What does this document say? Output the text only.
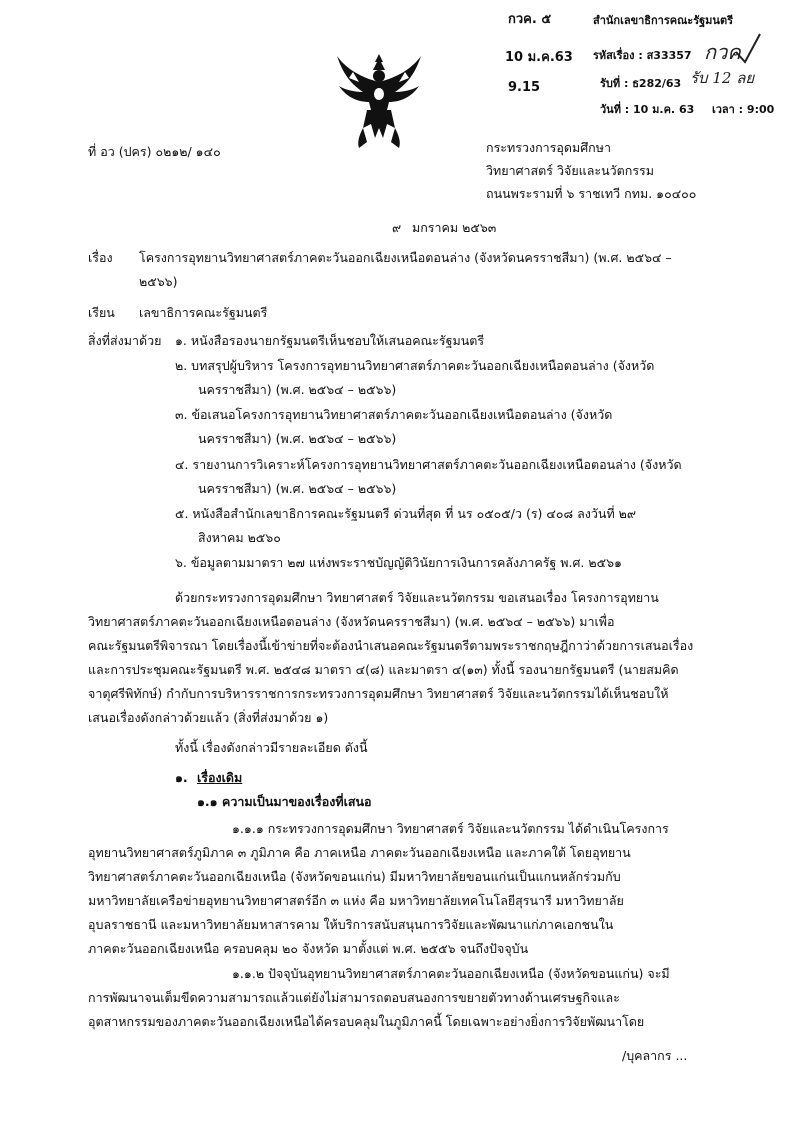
กวค. ๕
10 ม.ค.63
9.15
สำนักเลขาธิการคณะรัฐมนตรี
รหัสเรื่อง : ส33357 กวค
รับที่ : ธ282/63 รับ 12 ลย
วันที่ : 10 ม.ค. 63 เวลา : 9:00
ที่ อว (ปคร) ๐๒๑๒/ ๑๔๐	กระทรวงการอุดมศึกษา
วิทยาศาสตร์ วิจัยและนวัตกรรม
ถนนพระรามที่ ๖ ราชเทวี กทม. ๑๐๔๐๐
๙ มกราคม ๒๕๖๓
เรื่อง โครงการอุทยานวิทยาศาสตร์ภาคตะวันออกเฉียงเหนือตอนล่าง (จังหวัดนครราชสีมา) (พ.ศ. ๒๕๖๔ –
๒๕๖๖)
เรียน เลขาธิการคณะรัฐมนตรี
สิ่งที่ส่งมาด้วย ๑. หนังสือรองนายกรัฐมนตรีเห็นชอบให้เสนอคณะรัฐมนตรี
๒. บทสรุปผู้บริหาร โครงการอุทยานวิทยาศาสตร์ภาคตะวันออกเฉียงเหนือตอนล่าง (จังหวัด
นครราชสีมา) (พ.ศ. ๒๕๖๔ – ๒๕๖๖)
๓. ข้อเสนอโครงการอุทยานวิทยาศาสตร์ภาคตะวันออกเฉียงเหนือตอนล่าง (จังหวัด
นครราชสีมา) (พ.ศ. ๒๕๖๔ – ๒๕๖๖)
๔. รายงานการวิเคราะห์โครงการอุทยานวิทยาศาสตร์ภาคตะวันออกเฉียงเหนือตอนล่าง (จังหวัด
นครราชสีมา) (พ.ศ. ๒๕๖๔ – ๒๕๖๖)
๕. หนังสือสำนักเลขาธิการคณะรัฐมนตรี ด่วนที่สุด ที่ นร ๐๕๐๕/ว (ร) ๔๐๘ ลงวันที่ ๒๙
สิงหาคม ๒๕๖๐
๖. ข้อมูลตามมาตรา ๒๗ แห่งพระราชบัญญัติวินัยการเงินการคลังภาครัฐ พ.ศ. ๒๕๖๑
ด้วยกระทรวงการอุดมศึกษา วิทยาศาสตร์ วิจัยและนวัตกรรม ขอเสนอเรื่อง โครงการอุทยาน
วิทยาศาสตร์ภาคตะวันออกเฉียงเหนือตอนล่าง (จังหวัดนครราชสีมา) (พ.ศ. ๒๕๖๔ – ๒๕๖๖) มาเพื่อ
คณะรัฐมนตรีพิจารณา โดยเรื่องนี้เข้าข่ายที่จะต้องนำเสนอคณะรัฐมนตรีตามพระราชกฤษฎีกาว่าด้วยการเสนอเรื่อง
และการประชุมคณะรัฐมนตรี พ.ศ. ๒๕๔๘ มาตรา ๔(๘) และมาตรา ๔(๑๓) ทั้งนี้ รองนายกรัฐมนตรี (นายสมคิด
จาตุศรีพิทักษ์) กำกับการบริหารราชการกระทรวงการอุดมศึกษา วิทยาศาสตร์ วิจัยและนวัตกรรมได้เห็นชอบให้
เสนอเรื่องดังกล่าวด้วยแล้ว (สิ่งที่ส่งมาด้วย ๑)
ทั้งนี้ เรื่องดังกล่าวมีรายละเอียด ดังนี้
๑. เรื่องเดิม
๑.๑ ความเป็นมาของเรื่องที่เสนอ
๑.๑.๑ กระทรวงการอุดมศึกษา วิทยาศาสตร์ วิจัยและนวัตกรรม ได้ดำเนินโครงการ
อุทยานวิทยาศาสตร์ภูมิภาค ๓ ภูมิภาค คือ ภาคเหนือ ภาคตะวันออกเฉียงเหนือ และภาคใต้ โดยอุทยาน
วิทยาศาสตร์ภาคตะวันออกเฉียงเหนือ (จังหวัดขอนแก่น) มีมหาวิทยาลัยขอนแก่นเป็นแกนหลักร่วมกับ
มหาวิทยาลัยเครือข่ายอุทยานวิทยาศาสตร์อีก ๓ แห่ง คือ มหาวิทยาลัยเทคโนโลยีสุรนารี มหาวิทยาลัย
อุบลราชธานี และมหาวิทยาลัยมหาสารคาม ให้บริการสนับสนุนการวิจัยและพัฒนาแก่ภาคเอกชนใน
ภาคตะวันออกเฉียงเหนือ ครอบคลุม ๒๐ จังหวัด มาตั้งแต่ พ.ศ. ๒๕๕๖ จนถึงปัจจุบัน
๑.๑.๒ ปัจจุบันอุทยานวิทยาศาสตร์ภาคตะวันออกเฉียงเหนือ (จังหวัดขอนแก่น) จะมี
การพัฒนาจนเต็มขีดความสามารถแล้วแต่ยังไม่สามารถตอบสนองการขยายตัวทางด้านเศรษฐกิจและ
อุตสาหกรรมของภาคตะวันออกเฉียงเหนือได้ครอบคลุมในภูมิภาคนี้ โดยเฉพาะอย่างยิ่งการวิจัยพัฒนาโดย
/บุคลากร ...
